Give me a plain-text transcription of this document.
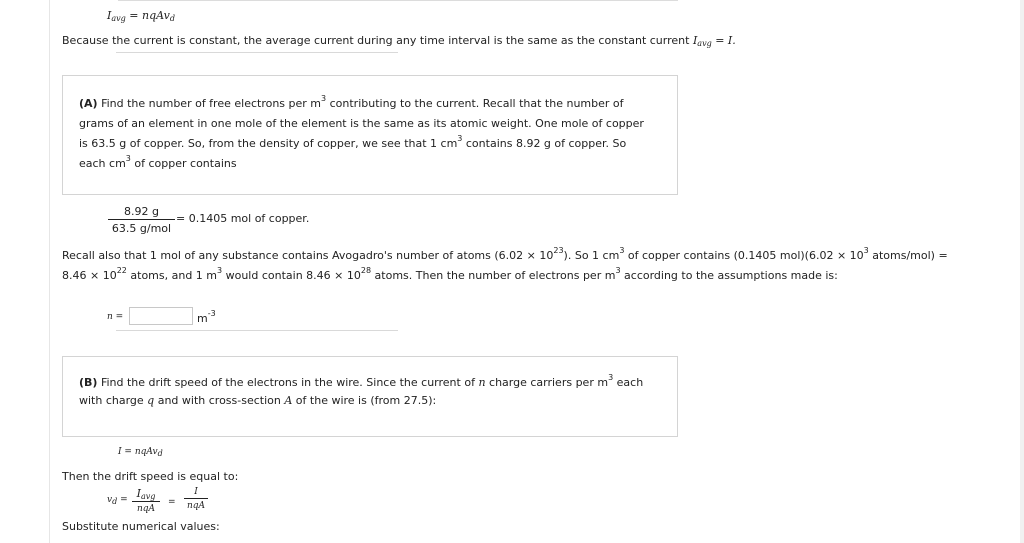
$I_{avg}$ = nqAv$_d$
Because the current is constant, the average current during any time interval is the same as the constant current $I_{avg} = I$.
(A) Find the number of free electrons per $m^3$ contributing to the current. Recall that the number of
grams of an element in one mole of the element is the same as its atomic weight. One mole of copper
is 63.5 g of copper. So, from the density of copper, we see that 1 $cm^3$ contains 8.92 g of copper. So
each $cm^3$ of copper contains
8.92 g
63.5 g/mol
= 0.1405 mol of copper.
Recall also that 1 mol of any substance contains Avogadro's number of atoms $(6.02 \times 10^{23})$. So 1 $cm^3$ of copper contains (0.1405 $mol)(6.02 \times 10^3$ atoms/mol) =
$8.46 \times 10^{22}$ atoms, and 1 $m^3$ would contain $8.46 \times 10^{28}$ atoms. Then the number of electrons per $m^3$ according to the assumptions made is:
n =	$m^{-3}$
(B) Find the drift speed of the electrons in the wire. Since the current of n charge carriers per $m^3$ each
with charge q and with cross-section A of the wire is (from 27.5):
I = nqAv$_d$
Then the drift speed is equal to:
$v_d = I_{avg}$
nqA
=
I
nqA
Substitute numerical values:
